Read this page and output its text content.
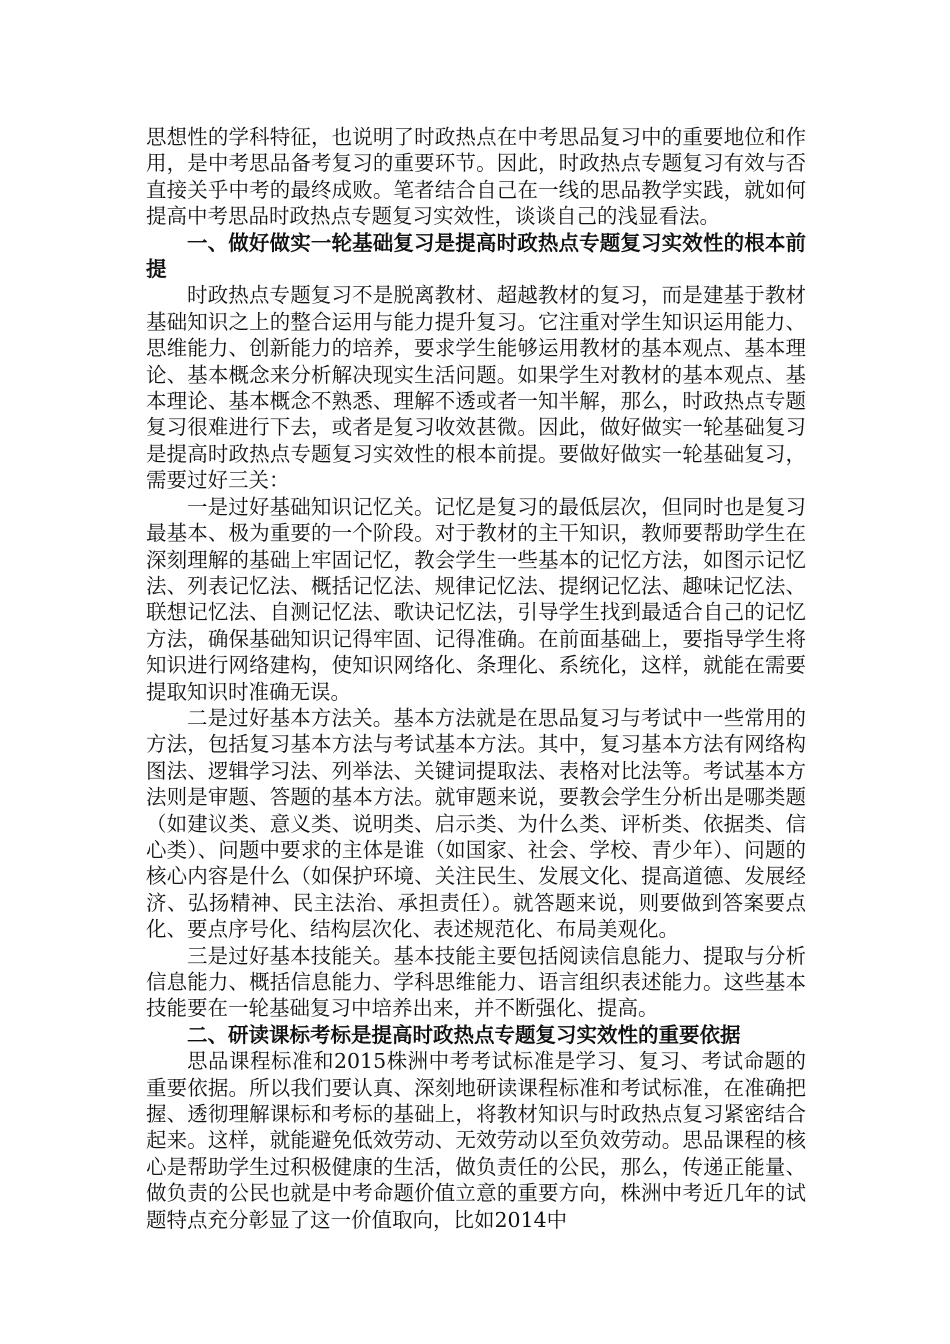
思想性的学科特征，也说明了时政热点在中考思品复习中的重要地位和作用，是中考思品备考复习的重要环节。因此，时政热点专题复习有效与否直接关乎中考的最终成败。笔者结合自己在一线的思品教学实践，就如何提高中考思品时政热点专题复习实效性，谈谈自己的浅显看法。

一、做好做实一轮基础复习是提高时政热点专题复习实效性的根本前提

时政热点专题复习不是脱离教材、超越教材的复习，而是建基于教材基础知识之上的整合运用与能力提升复习。它注重对学生知识运用能力、思维能力、创新能力的培养，要求学生能够运用教材的基本观点、基本理论、基本概念来分析解决现实生活问题。如果学生对教材的基本观点、基本理论、基本概念不熟悉、理解不透或者一知半解，那么，时政热点专题复习很难进行下去，或者是复习收效甚微。因此，做好做实一轮基础复习是提高时政热点专题复习实效性的根本前提。要做好做实一轮基础复习，需要过好三关：

一是过好基础知识记忆关。记忆是复习的最低层次，但同时也是复习最基本、极为重要的一个阶段。对于教材的主干知识，教师要帮助学生在深刻理解的基础上牢固记忆，教会学生一些基本的记忆方法，如图示记忆法、列表记忆法、概括记忆法、规律记忆法、提纲记忆法、趣味记忆法、联想记忆法、自测记忆法、歌诀记忆法，引导学生找到最适合自己的记忆方法，确保基础知识记得牢固、记得准确。在前面基础上，要指导学生将知识进行网络建构，使知识网络化、条理化、系统化，这样，就能在需要提取知识时准确无误。

二是过好基本方法关。基本方法就是在思品复习与考试中一些常用的方法，包括复习基本方法与考试基本方法。其中，复习基本方法有网络构图法、逻辑学习法、列举法、关键词提取法、表格对比法等。考试基本方法则是审题、答题的基本方法。就审题来说，要教会学生分析出是哪类题（如建议类、意义类、说明类、启示类、为什么类、评析类、依据类、信心类）、问题中要求的主体是谁（如国家、社会、学校、青少年）、问题的核心内容是什么（如保护环境、关注民生、发展文化、提高道德、发展经济、弘扬精神、民主法治、承担责任）。就答题来说，则要做到答案要点化、要点序号化、结构层次化、表述规范化、布局美观化。

三是过好基本技能关。基本技能主要包括阅读信息能力、提取与分析信息能力、概括信息能力、学科思维能力、语言组织表述能力。这些基本技能要在一轮基础复习中培养出来，并不断强化、提高。

二、研读课标考标是提高时政热点专题复习实效性的重要依据

思品课程标准和2015株洲中考考试标准是学习、复习、考试命题的重要依据。所以我们要认真、深刻地研读课程标准和考试标准，在准确把握、透彻理解课标和考标的基础上，将教材知识与时政热点复习紧密结合起来。这样，就能避免低效劳动、无效劳动以至负效劳动。思品课程的核心是帮助学生过积极健康的生活，做负责任的公民，那么，传递正能量、做负责的公民也就是中考命题价值立意的重要方向，株洲中考近几年的试题特点充分彰显了这一价值取向，比如2014中
